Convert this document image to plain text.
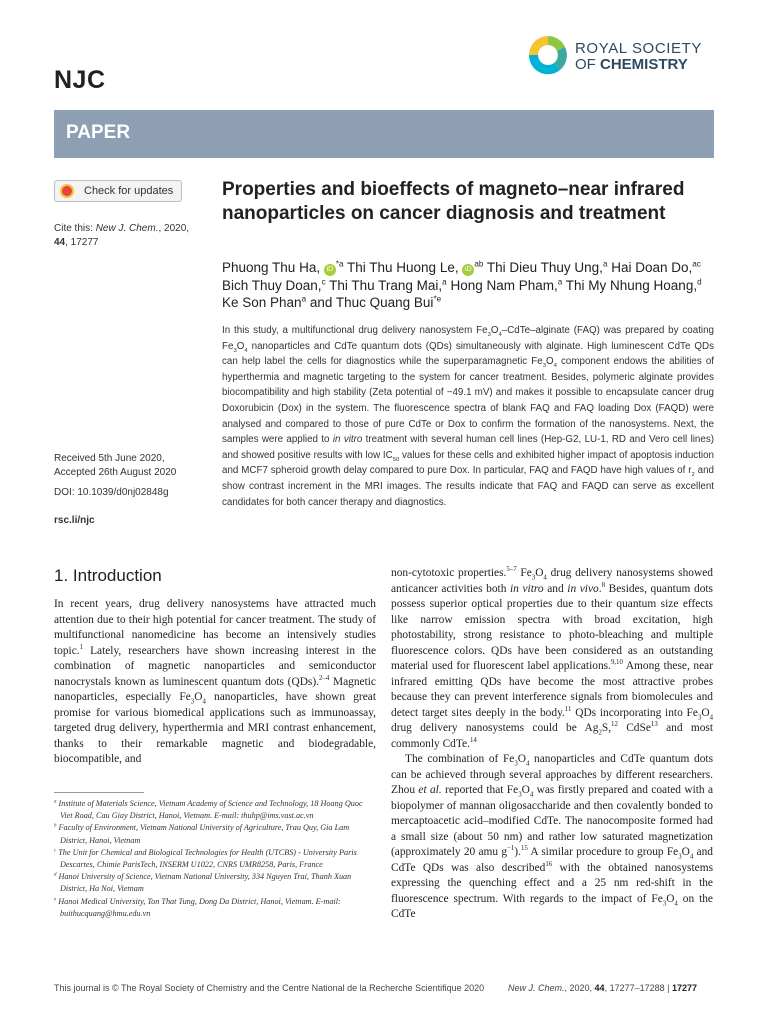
NJC
ROYAL SOCIETY
OF CHEMISTRY
PAPER
Check for updates
Cite this: New J. Chem., 2020, 44, 17277
Received 5th June 2020,
Accepted 26th August 2020
DOI: 10.1039/d0nj02848g
rsc.li/njc
Properties and bioeffects of magneto–near infrared nanoparticles on cancer diagnosis and treatment
Phuong Thu Ha, $iD^{*a}$ Thi Thu Huong Le, $iD^{ab}$ Thi Dieu Thuy Ung,$^a$ Hai Doan Do,$^{ac}$
Bich Thuy Doan,$^c$ Thi Thu Trang Mai,$^a$ Hong Nam Pham,$^a$ Thi My Nhung Hoang,$^d$
Ke Son Phan$^a$ and Thuc Quang Bui$^{*e}$
In this study, a multifunctional drug delivery nanosystem $Fe_3O_4-CdTe$–alginate (FAQ) was prepared by coating $Fe_3O_4$ nanoparticles and CdTe quantum dots (QDs) simultaneously with alginate. High luminescent CdTe QDs can help label the cells for diagnostics while the superparamagnetic $Fe_3O_4$ component endows the abilities of hyperthermia and magnetic targeting to the system for cancer treatment. Besides, polymeric alginate provides biocompatibility and high stability (Zeta potential of −49.1 mV) and makes it possible to encapsulate cancer drug Doxorubicin (Dox) in the system. The fluorescence spectra of blank FAQ and FAQ loading Dox (FAQD) were analysed and compared to those of pure CdTe or Dox to confirm the formation of the nanosystems. Next, the samples were applied to in vitro treatment with several human cell lines (Hep-G2, LU-1, RD and Vero cell lines) and showed positive results with low $IC_{50}$ values for these cells and exhibited higher impact of apoptosis induction and MCF7 spheroid growth delay compared to pure Dox. In particular, FAQ and FAQD have high values of $r_2$ and show contrast increment in the MRI images. The results indicate that FAQ and FAQD can serve as excellent candidates for both cancer therapy and diagnostics.
1. Introduction

In recent years, drug delivery nanosystems have attracted much attention due to their high potential for cancer treatment. The study of multifunctional nanomedicine has become an intensively studies topic.$^1$ Lately, researchers have shown increasing interest in the combination of magnetic nanoparticles and semiconductor nanocrystals known as luminescent quantum dots (QDs).$^{2-4}$ Magnetic nanoparticles, especially $Fe_3O_4$ nanoparticles, have shown great promise for various biomedical applications such as immunoassay, targeted drug delivery, hyperthermia and MRI contrast enhancement, thanks to their remarkable magnetic and biodegradable, biocompatible, and

$^a$ Institute of Materials Science, Vietnam Academy of Science and Technology, 18 Hoang Quoc Viet Road, Cau Giay District, Hanoi, Vietnam. E-mail: thuhp@ims.vast.ac.vn
$^b$ Faculty of Environment, Vietnam National University of Agriculture, Trau Quy, Gia Lam District, Hanoi, Vietnam
$^c$ The Unit for Chemical and Biological Technologies for Health (UTCBS) - University Paris Descartes, Chimie ParisTech, INSERM U1022, CNRS UMR8258, Paris, France
$^d$ Hanoi University of Science, Vietnam National University, 334 Nguyen Trai, Thanh Xuan District, Ha Noi, Vietnam
$^e$ Hanoi Medical University, Ton That Tung, Dong Da District, Hanoi, Vietnam. E-mail: buithucquang@hmu.edu.vn

non-cytotoxic properties.$^{5-7}$ $Fe_3O_4$ drug delivery nanosystems showed anticancer activities both in vitro and in vivo.$^8$ Besides, quantum dots possess superior optical properties due to their quantum size effects like narrow emission spectra with broad excitation, high photostability, strong resistance to photo-bleaching and multiple fluorescence colors. QDs have been considered as an outstanding material used for fluorescent label applications.$^{9,10}$ Among these, near infrared emitting QDs have become the most attractive probes because they can prevent interference signals from biomolecules and detect target sites deeply in the body.$^{11}$ QDs incorporating into $Fe_3O_4$ drug delivery nanosystems could be $Ag_2S,^{12}$ CdSe$^{13}$ and most commonly CdTe.$^{14}$

The combination of $Fe_3O_4$ nanoparticles and CdTe quantum dots can be achieved through several approaches by different researchers. Zhou et al. reported that $Fe_3O_4$ was firstly prepared and coated with a biopolymer of mannan oligosaccharide and then covalently bonded to mercaptoacetic acid–modified CdTe. The nanocomposite formed had a small size (about 50 nm) and rather low saturated magnetization (approximately 20 amu $g^{-1}).^{15}$ A similar procedure to group $Fe_3O_4$ and CdTe QDs was also described$^{16}$ with the obtained nanosystems expressing the quenching effect and a 25 nm red-shift in the fluorescence spectrum. With regards to the impact of $Fe_3O_4$ on the CdTe

This journal is © The Royal Society of Chemistry and the Centre National de la Recherche Scientifique 2020	New J. Chem., 2020, 44, 17277–17288 | 17277
